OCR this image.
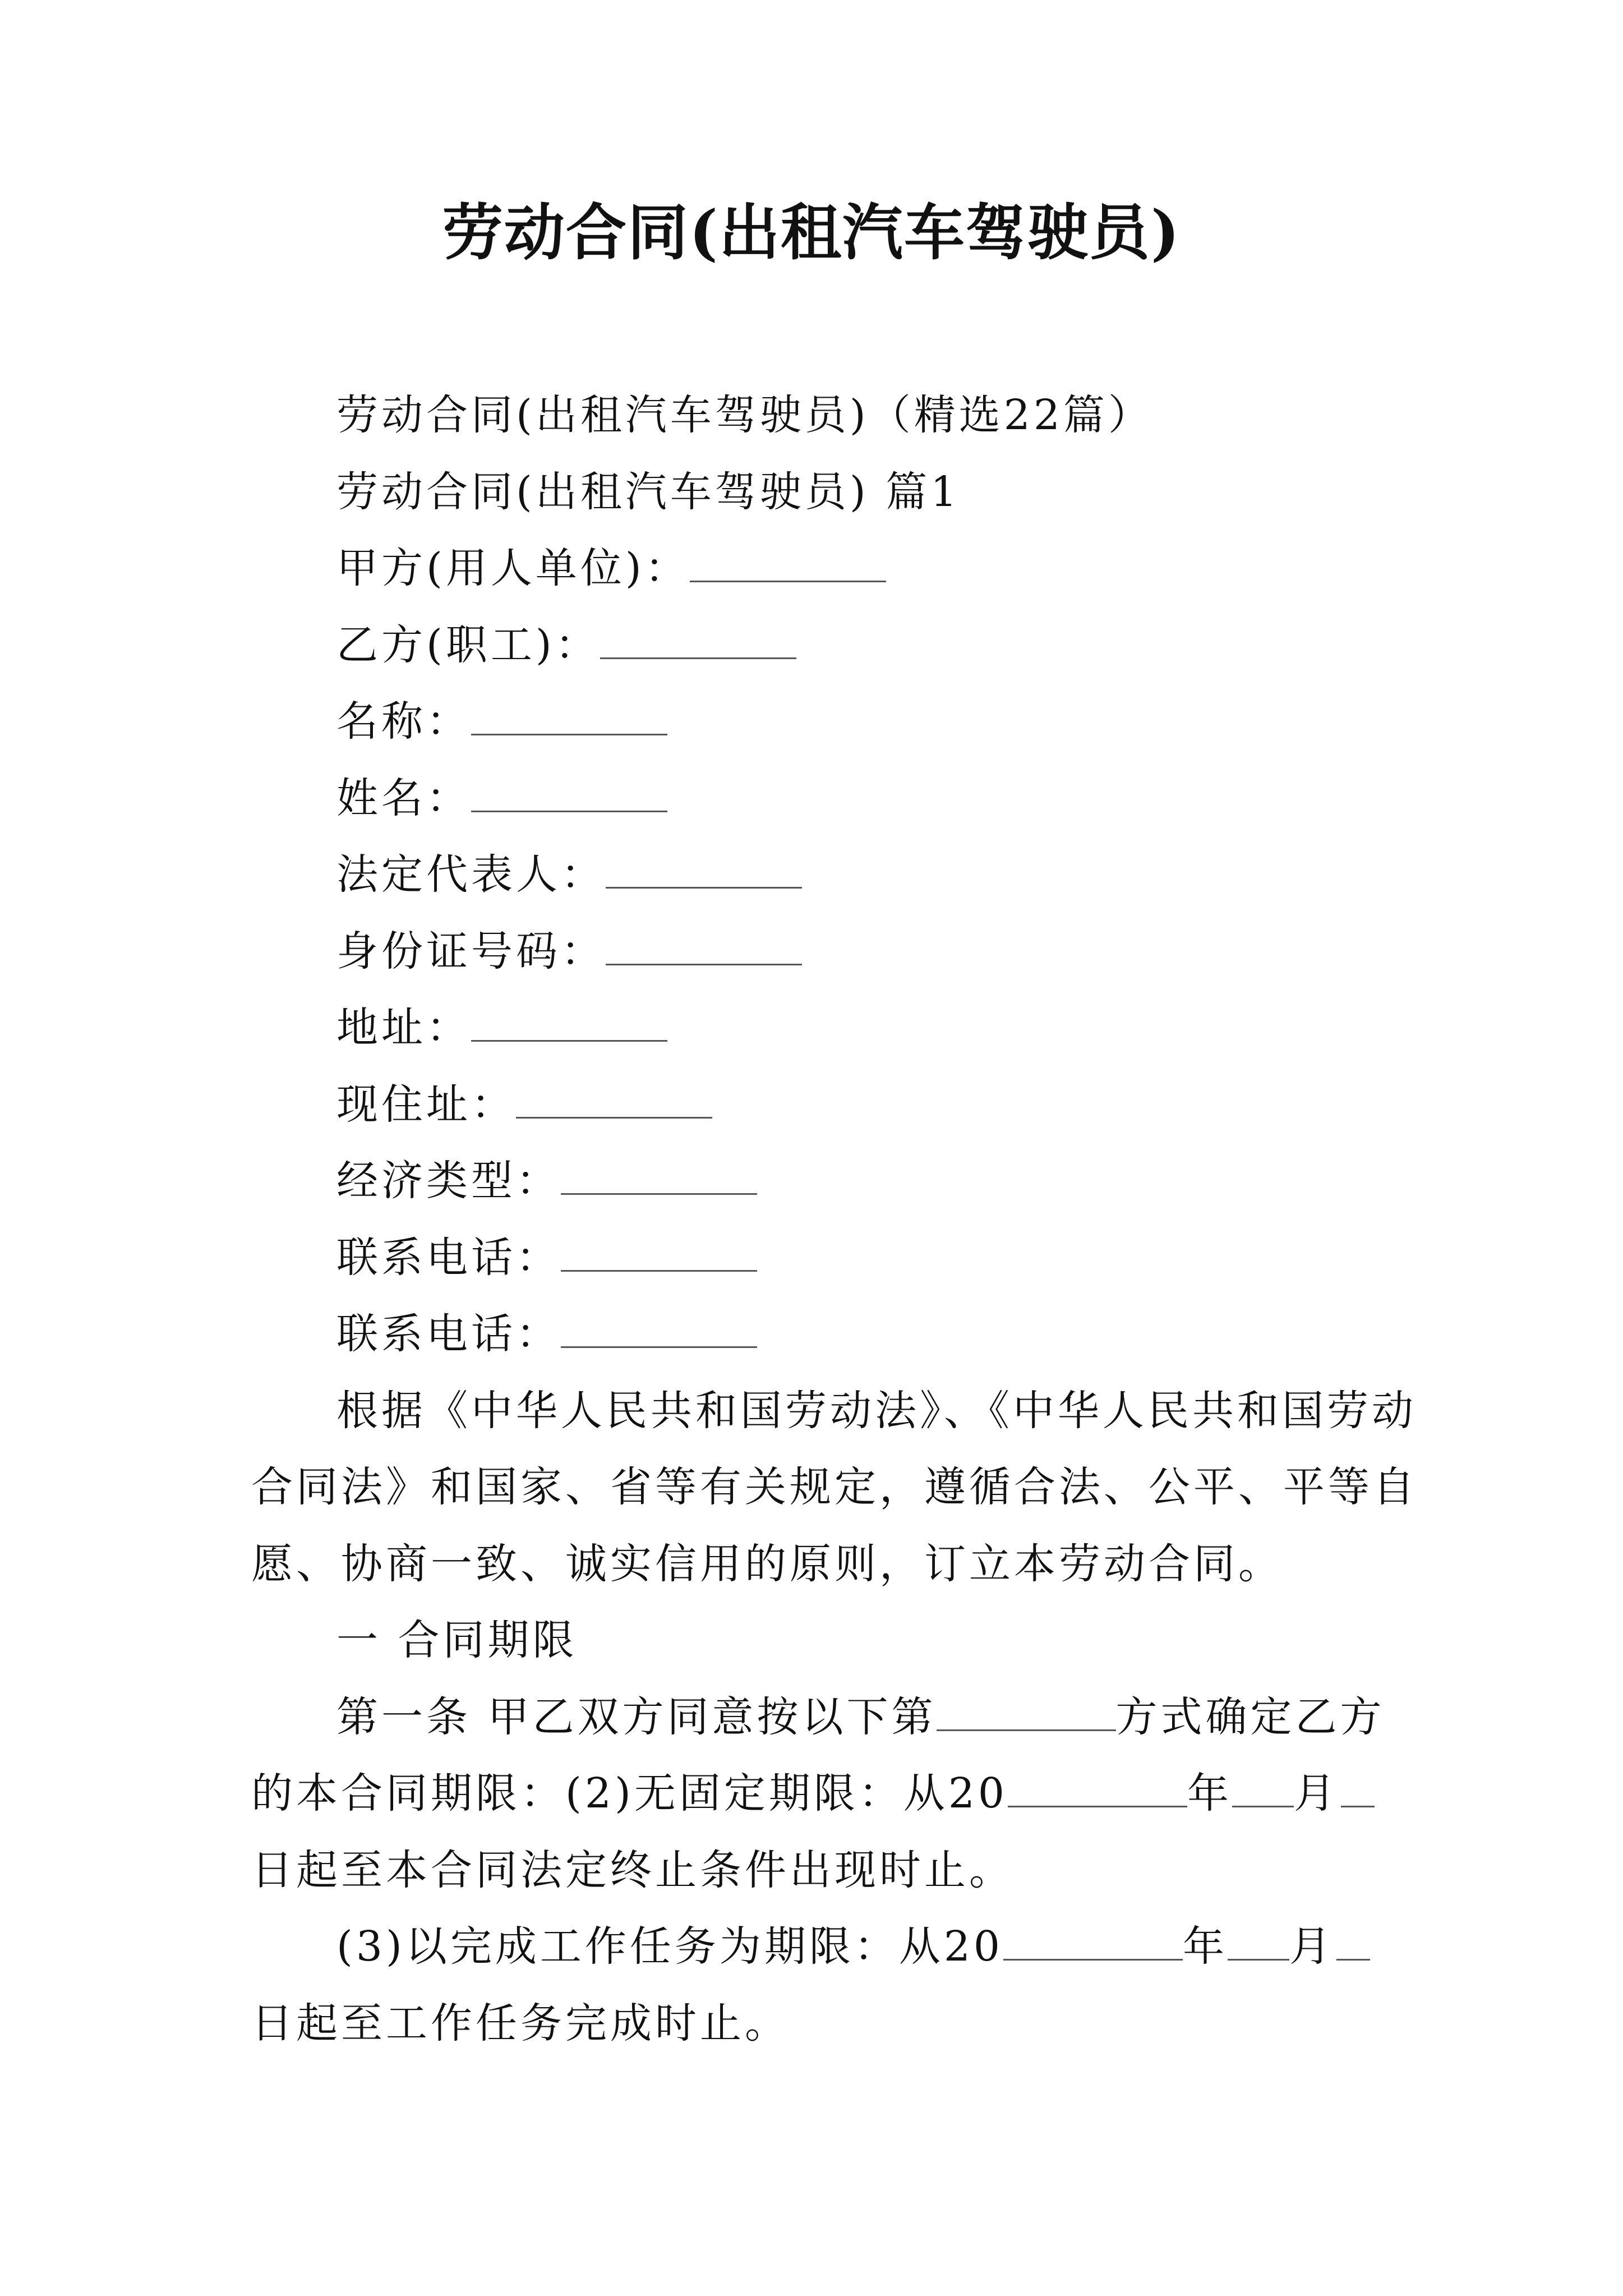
劳动合同(出租汽车驾驶员)
劳动合同(出租汽车驾驶员)（精选22篇）
劳动合同(出租汽车驾驶员) 篇1
甲方(用人单位)：
乙方(职工)：
名称：
姓名：
法定代表人：
身份证号码：
地址：
现住址：
经济类型：
联系电话：
联系电话：
根据《中华人民共和国劳动法》、《中华人民共和国劳动
合同法》和国家、省等有关规定，遵循合法、公平、平等自
愿、协商一致、诚实信用的原则，订立本劳动合同。
一 合同期限
第一条 甲乙双方同意按以下第	方式确定乙方
的本合同期限：(2)无固定期限：从20	年 月
日起至本合同法定终止条件出现时止。
(3)以完成工作任务为期限：从20	年 月
日起至工作任务完成时止。
